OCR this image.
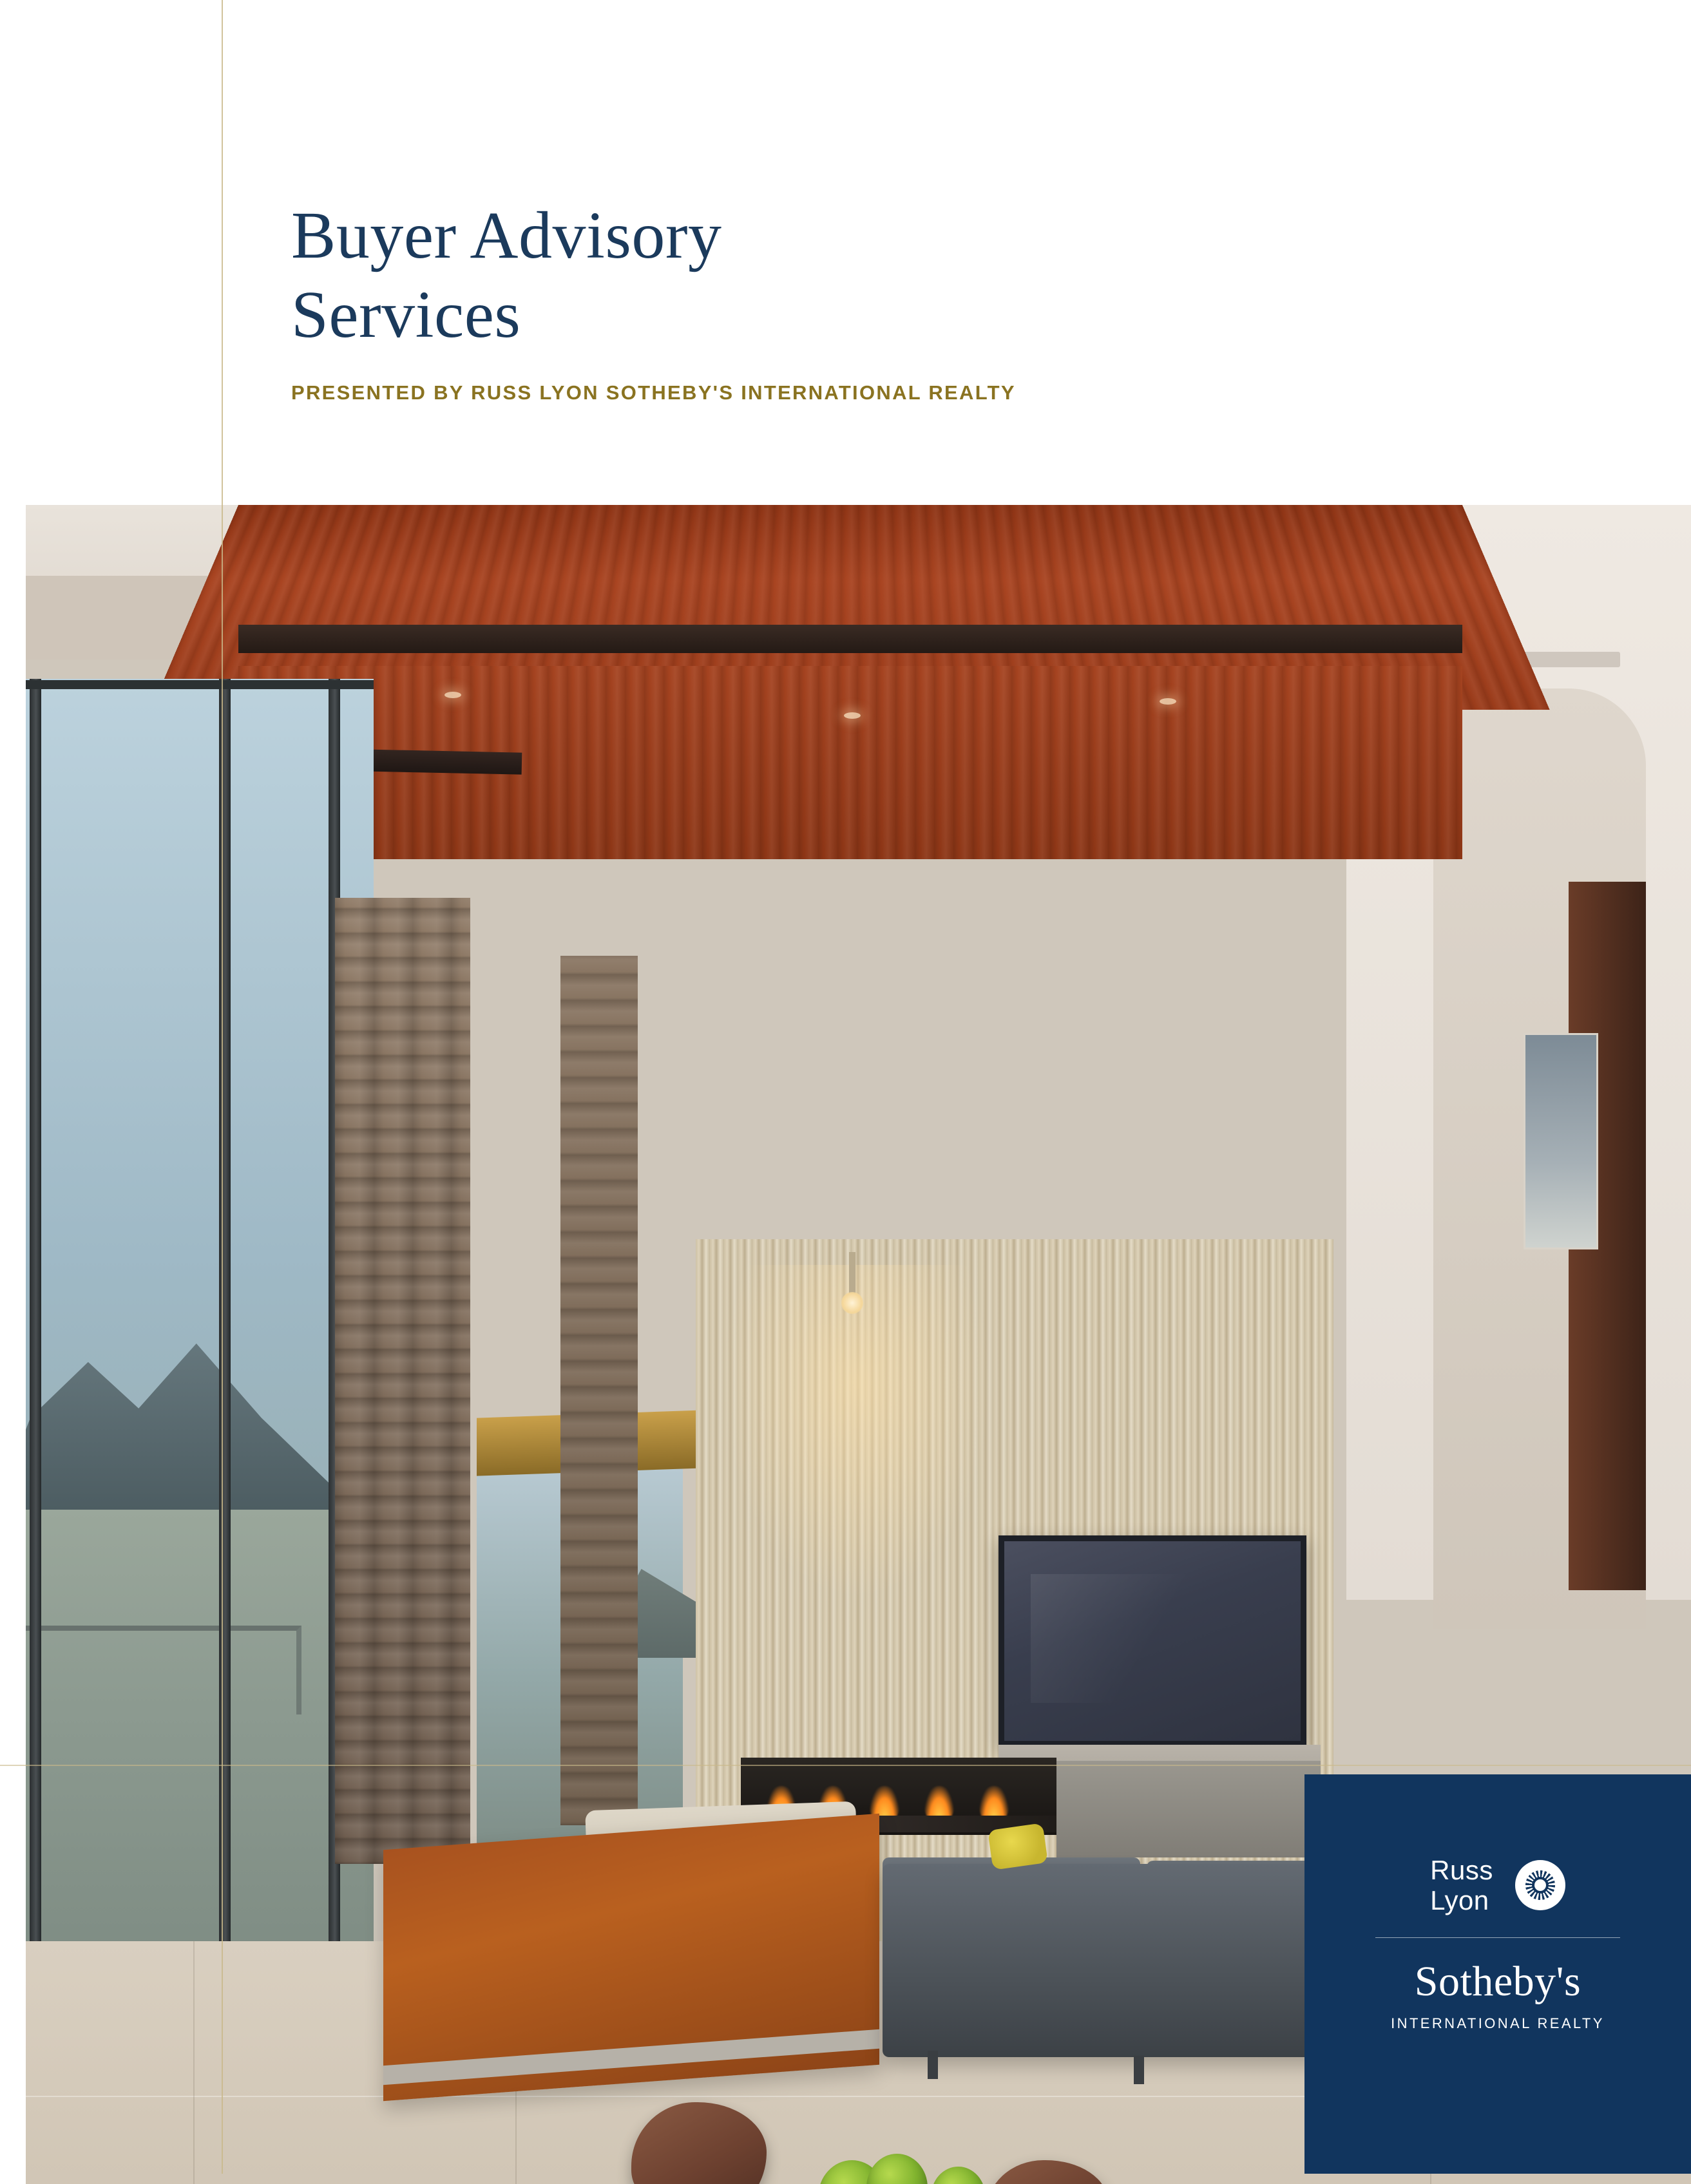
Buyer Advisory
Services
PRESENTED BY RUSS LYON SOTHEBY'S INTERNATIONAL REALTY
Russ
Lyon
Sotheby's
INTERNATIONAL REALTY
